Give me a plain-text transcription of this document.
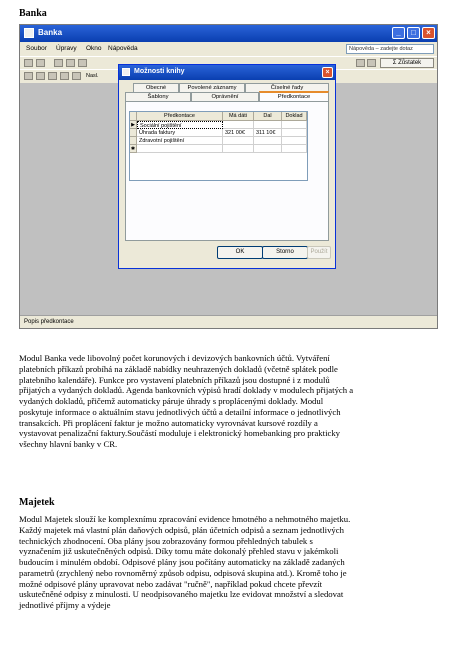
Banka
Banka	_	□	×
Soubor Úpravy Okno Nápověda	Nápověda – zadejte dotaz
Σ Zůstatek
Nasl.
Možnosti knihy	×
Obecné	Povolené záznamy	Číselné řady
Šablony	Oprávnění	Předkontace
Předkontace	Má dáti	Dal	Doklad
▶ Sociální pojištění
Úhrada faktury	321 00€	311 10€
Zdravotní pojištění
✱
OK	Storno	Použít
Popis předkontace
Modul Banka vede libovolný počet korunových i devizových bankovních účtů. Vytváření
platebních příkazů probíhá na základě nabídky neuhrazených dokladů (včetně splátek podle
platebního kalendáře). Funkce pro vystavení platebních příkazů jsou dostupné i z modulů
přijatých a vydaných dokladů. Agenda bankovních výpisů hradí doklady v modulech přijatých a
vydaných dokladů, přičemž automaticky páruje úhrady s proplácenými doklady. Modul
poskytuje informace o aktuálním stavu jednotlivých účtů a detailní informace o jednotlivých
transakcích. Při proplácení faktur je možno automaticky vyrovnávat kursové rozdíly a
vystavovat penalizační faktury.Součástí moduluje i elektronický homebanking pro prakticky
všechny hlavní banky v CR.
Majetek
Modul Majetek slouží ke komplexnímu zpracování evidence hmotného a nehmotného majetku.
Každý majetek má vlastní plán daňových odpisů, plán účetních odpisů a seznam jednotlivých
technických zhodnocení. Oba plány jsou zobrazovány formou přehledných tabulek s
vyznačením již uskutečněných odpisů. Díky tomu máte dokonalý přehled stavu v jakémkoli
budoucím i minulém období. Odpisové plány jsou počítány automaticky na základě zadaných
parametrů (zrychlený nebo rovnoměrný způsob odpisu, odpisová skupina atd.). Kromě toho je
možné odpisové plány upravovat nebo zadávat "ručně", například pokud chcete převzít
uskutečněné odpisy z minulosti. U neodpisovaného majetku lze evidovat množství a sledovat
jednotlivé příjmy a výdeje
